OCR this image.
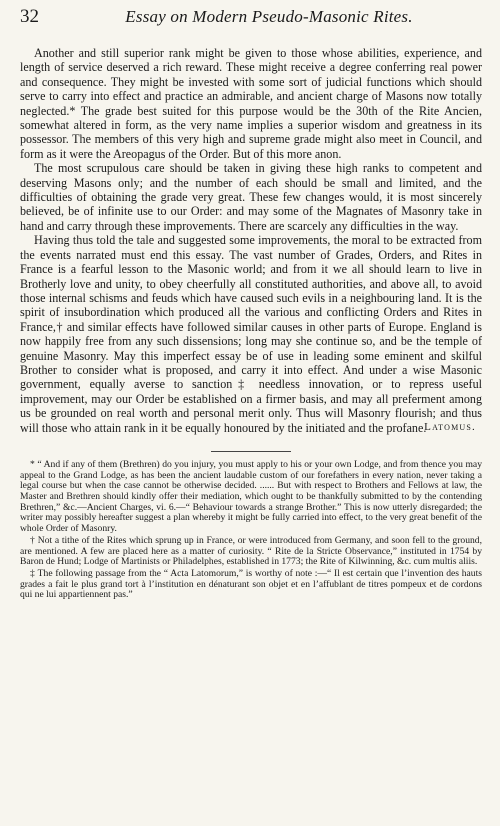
32	Essay on Modern Pseudo-Masonic Rites.

Another and still superior rank might be given to those whose abilities, experience, and length of service deserved a rich reward. These might receive a degree conferring real power and consequence. They might be invested with some sort of judicial functions which should serve to carry into effect and practice an admirable, and ancient charge of Masons now totally neglected.* The grade best suited for this purpose would be the 30th of the Rite Ancien, somewhat altered in form, as the very name implies a superior wisdom and greatness in its possessor. The members of this very high and supreme grade might also meet in Council, and form as it were the Areopagus of the Order. But of this more anon.

The most scrupulous care should be taken in giving these high ranks to competent and deserving Masons only; and the number of each should be small and limited, and the difficulties of obtaining the grade very great. These few changes would, it is most sincerely believed, be of infinite use to our Order: and may some of the Magnates of Masonry take in hand and carry through these improvements. There are scarcely any difficulties in the way.

Having thus told the tale and suggested some improvements, the moral to be extracted from the events narrated must end this essay. The vast number of Grades, Orders, and Rites in France is a fearful lesson to the Masonic world; and from it we all should learn to live in Brotherly love and unity, to obey cheerfully all constituted authorities, and above all, to avoid those internal schisms and feuds which have caused such evils in a neighbouring land. It is the spirit of insubordination which produced all the various and conflicting Orders and Rites in France,† and similar effects have followed similar causes in other parts of Europe. England is now happily free from any such dissensions; long may she continue so, and be the temple of genuine Masonry. May this imperfect essay be of use in leading some eminent and skilful Brother to consider what is proposed, and carry it into effect. And under a wise Masonic government, equally averse to sanction‡ needless innovation, or to repress useful improvement, may our Order be established on a firmer basis, and may all preferment among us be grounded on real worth and personal merit only. Thus will Masonry flourish; and thus will those who attain rank in it be equally honoured by the initiated and the profane.

Latomus.

* “ And if any of them (Brethren) do you injury, you must apply to his or your own Lodge, and from thence you may appeal to the Grand Lodge, as has been the ancient laudable custom of our forefathers in every nation, never taking a legal course but when the case cannot be otherwise decided. ...... But with respect to Brothers and Fellows at law, the Master and Brethren should kindly offer their mediation, which ought to be thankfully submitted to by the contending Brethren,” &c.—Ancient Charges, vi. 6.—“ Behaviour towards a strange Brother.” This is now utterly disregarded; the writer may possibly hereafter suggest a plan whereby it might be fully carried into effect, to the very great benefit of the whole Order of Masonry.

† Not a tithe of the Rites which sprung up in France, or were introduced from Germany, and soon fell to the ground, are mentioned. A few are placed here as a matter of curiosity. “ Rite de la Stricte Observance,” instituted in 1754 by Baron de Hund; Lodge of Martinists or Philadelphes, established in 1773; the Rite of Kilwinning, &c. cum multis aliis.

‡ The following passage from the “ Acta Latomorum,” is worthy of note :—“ Il est certain que l’invention des hauts grades a fait le plus grand tort à l’institution en dénaturant son objet et en l’affublant de titres pompeux et de cordons qui ne lui appartiennent pas.”
